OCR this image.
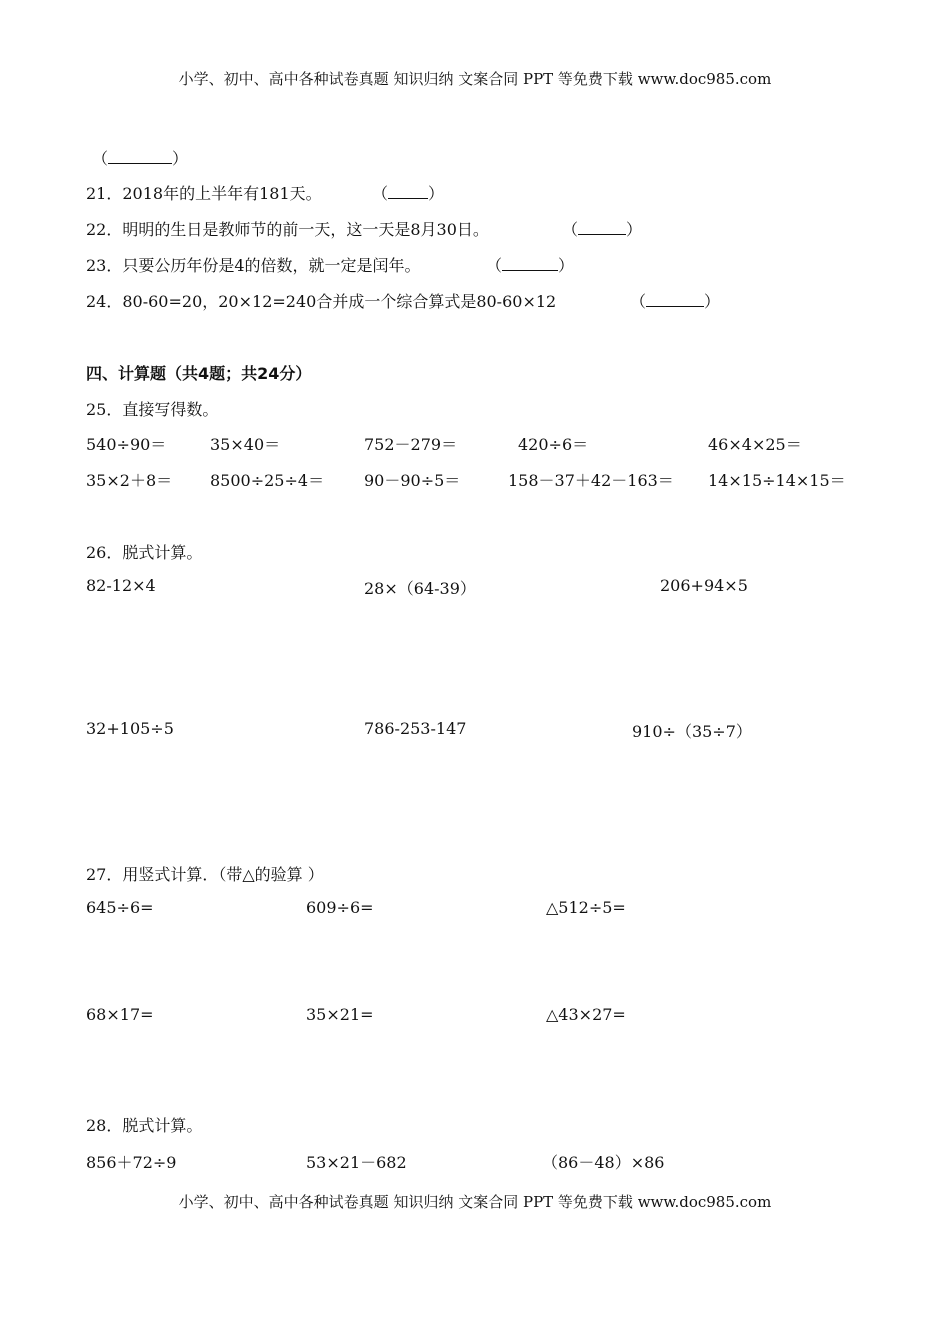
小学、初中、高中各种试卷真题 知识归纳 文案合同 PPT 等免费下载 www.doc985.com
（	）
21．2018年的上半年有181天。	（	）
22．明明的生日是教师节的前一天，这一天是8月30日。	（	）
23．只要公历年份是4的倍数，就一定是闰年。	（	）
24．80-60=20，20×12=240合并成一个综合算式是80-60×12	（	）
四、计算题（共4题；共24分）
25．直接写得数。
540÷90＝	35×40＝	752－279＝	420÷6＝	46×4×25＝
35×2＋8＝ 8500÷25÷4＝ 90－90÷5＝	158－37＋42－163＝ 14×15÷14×15＝
26．脱式计算。
82-12×4	28×（64-39）	206+94×5
32+105÷5	786-253-147	910÷（35÷7）
27．用竖式计算．（带△的验算 ）
645÷6=	609÷6=	△512÷5=
68×17=	35×21=	△43×27=
28．脱式计算。
856＋72÷9	53×21－682	（86－48）×86
小学、初中、高中各种试卷真题 知识归纳 文案合同 PPT 等免费下载 www.doc985.com
